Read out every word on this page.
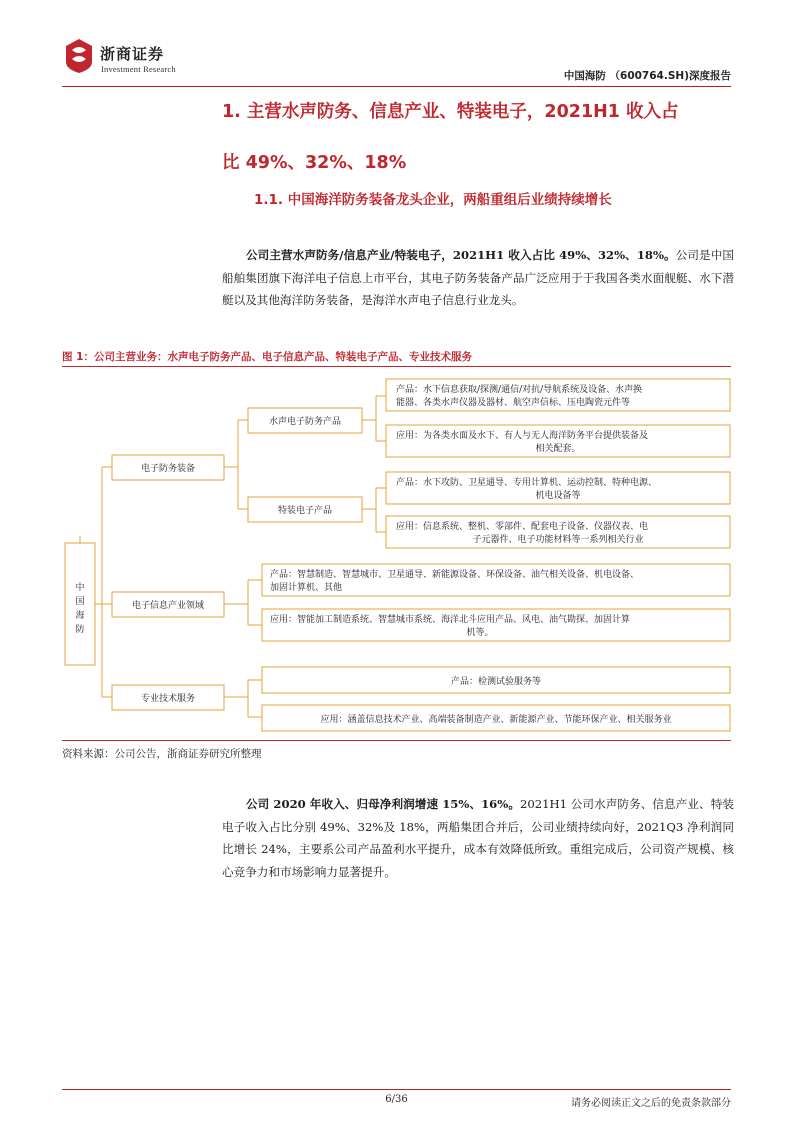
浙商证券
Investment Research
中国海防 （600764.SH)深度报告
1. 主营水声防务、信息产业、特装电子，2021H1 收入占
比 49%、32%、18%
1.1. 中国海洋防务装备龙头企业，两船重组后业绩持续增长

公司主营水声防务/信息产业/特装电子，2021H1 收入占比 49%、32%、18%。公司是中国船舶集团旗下海洋电子信息上市平台，其电子防务装备产品广泛应用于于我国各类水面舰艇、水下潜艇以及其他海洋防务装备，是海洋水声电子信息行业龙头。

图 1：公司主营业务：水声电子防务产品、电子信息产品、特装电子产品、专业技术服务
中
国
海
防
电子防务装备
电子信息产业领域
专业技术服务
水声电子防务产品
特装电子产品
产品：水下信息获取/探测/通信/对抗/导航系统及设备、水声换
能器、各类水声仪器及器材、航空声信标、压电陶瓷元件等
应用：为各类水面及水下、有人与无人海洋防务平台提供装备及
相关配套。
产品：水下攻防、卫星通导、专用计算机、运动控制、特种电源、
机电设备等
应用：信息系统、整机、零部件、配套电子设备、仪器仪表、电
子元器件、电子功能材料等一系列相关行业
产品：智慧制造、智慧城市、卫星通导、新能源设备、环保设备、油气相关设备、机电设备、
加固计算机、其他
应用：智能加工制造系统、智慧城市系统、海洋北斗应用产品、风电、油气勘探、加固计算
机等。
产品：检测试验服务等
应用：涵盖信息技术产业、高端装备制造产业、新能源产业、节能环保产业、相关服务业
资料来源：公司公告，浙商证券研究所整理

公司 2020 年收入、归母净利润增速 15%、16%。2021H1 公司水声防务、信息产业、特装电子收入占比分别 49%、32%及 18%，两船集团合并后，公司业绩持续向好，2021Q3 净利润同比增长 24%，主要系公司产品盈利水平提升，成本有效降低所致。重组完成后，公司资产规模、核心竞争力和市场影响力显著提升。

6/36	请务必阅读正文之后的免责条款部分
